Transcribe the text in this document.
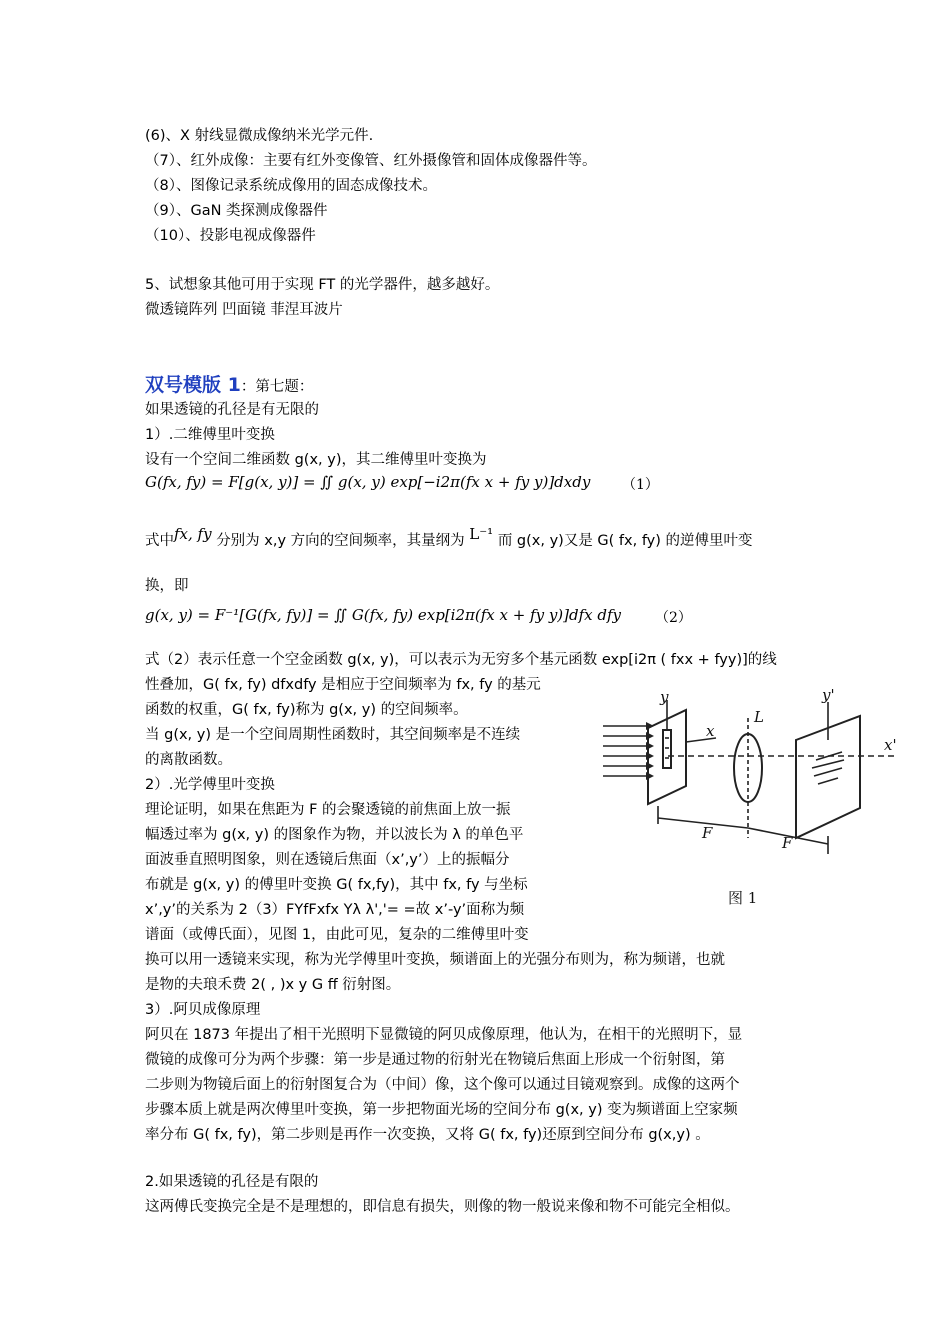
(6)、X 射线显微成像纳米光学元件.
（7）、红外成像：主要有红外变像管、红外摄像管和固体成像器件等。
（8）、图像记录系统成像用的固态成像技术。
（9）、GaN 类探测成像器件
（10）、投影电视成像器件
5、试想象其他可用于实现 FT 的光学器件，越多越好。
微透镜阵列 凹面镜 菲涅耳波片
双号模版 1：第七题：
如果透镜的孔径是有无限的
1）.二维傅里叶变换
设有一个空间二维函数 g(x, y)，其二维傅里叶变换为
G(fx, fy) = F[g(x, y)] = ∬ g(x, y) exp[−i2π(fx x + fy y)]dxdy （1）
式中fx, fy 分别为 x,y 方向的空间频率，其量纲为 L⁻¹ 而 g(x, y)又是 G( fx, fy) 的逆傅里叶变
换，即
g(x, y) = F⁻¹[G(fx, fy)] = ∬ G(fx, fy) exp[i2π(fx x + fy y)]dfx dfy （2）
式（2）表示任意一个空金函数 g(x, y)，可以表示为无穷多个基元函数 exp[i2π ( fxx + fyy)]的线
性叠加，G( fx, fy) dfxdfy 是相应于空间频率为 fx, fy 的基元
函数的权重，G( fx, fy)称为 g(x, y) 的空间频率。
当 g(x, y) 是一个空间周期性函数时，其空间频率是不连续
的离散函数。
2）.光学傅里叶变换
理论证明，如果在焦距为 F 的会聚透镜的前焦面上放一振
幅透过率为 g(x, y) 的图象作为物，并以波长为 λ 的单色平
面波垂直照明图象，则在透镜后焦面（x’,y’）上的振幅分
布就是 g(x, y) 的傅里叶变换 G( fx,fy)，其中 fx, fy 与坐标
x’,y’的关系为 2（3）FYfFxfx Yλ λ','= =故 x’-y’面称为频
谱面（或傅氏面），见图 1，由此可见，复杂的二维傅里叶变
换可以用一透镜来实现，称为光学傅里叶变换，频谱面上的光强分布则为，称为频谱，也就
是物的夫琅禾费 2( , )x y G ff 衍射图。
3）.阿贝成像原理
阿贝在 1873 年提出了相干光照明下显微镜的阿贝成像原理，他认为，在相干的光照明下，显
微镜的成像可分为两个步骤：第一步是通过物的衍射光在物镜后焦面上形成一个衍射图，第
二步则为物镜后面上的衍射图复合为（中间）像，这个像可以通过目镜观察到。成像的这两个
步骤本质上就是两次傅里叶变换，第一步把物面光场的空间分布 g(x, y) 变为频谱面上空家频
率分布 G( fx, fy)，第二步则是再作一次变换，又将 G( fx, fy)还原到空间分布 g(x,y) 。
2.如果透镜的孔径是有限的
这两傅氏变换完全是不是理想的，即信息有损失，则像的物一般说来像和物不可能完全相似。
y
x
L
y'
x'
F
F
图 1
